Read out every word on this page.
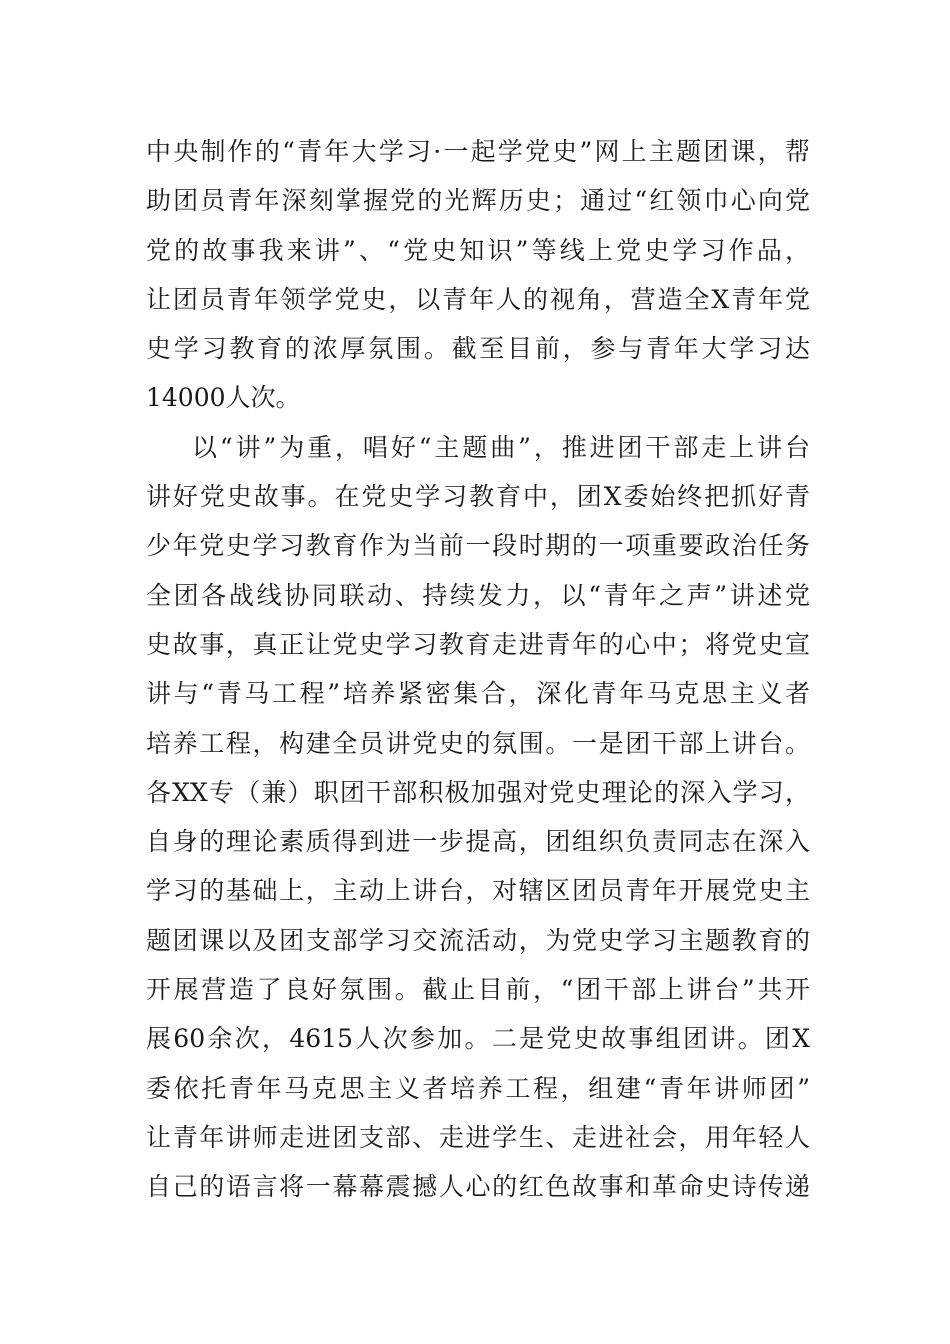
中央制作的“青年大学习·一起学党史”网上主题团课，帮
助团员青年深刻掌握党的光辉历史；通过“红领巾心向党
党的故事我来讲”、“党史知识”等线上党史学习作品，
让团员青年领学党史，以青年人的视角，营造全X青年党
史学习教育的浓厚氛围。截至目前，参与青年大学习达
14000人次。
以“讲”为重，唱好“主题曲”，推进团干部走上讲台
讲好党史故事。在党史学习教育中，团X委始终把抓好青
少年党史学习教育作为当前一段时期的一项重要政治任务
全团各战线协同联动、持续发力，以“青年之声”讲述党
史故事，真正让党史学习教育走进青年的心中；将党史宣
讲与“青马工程”培养紧密集合，深化青年马克思主义者
培养工程，构建全员讲党史的氛围。一是团干部上讲台。
各XX专（兼）职团干部积极加强对党史理论的深入学习，
自身的理论素质得到进一步提高，团组织负责同志在深入
学习的基础上，主动上讲台，对辖区团员青年开展党史主
题团课以及团支部学习交流活动，为党史学习主题教育的
开展营造了良好氛围。截止目前，“团干部上讲台”共开
展60余次，4615人次参加。二是党史故事组团讲。团X
委依托青年马克思主义者培养工程，组建“青年讲师团”
让青年讲师走进团支部、走进学生、走进社会，用年轻人
自己的语言将一幕幕震撼人心的红色故事和革命史诗传递
